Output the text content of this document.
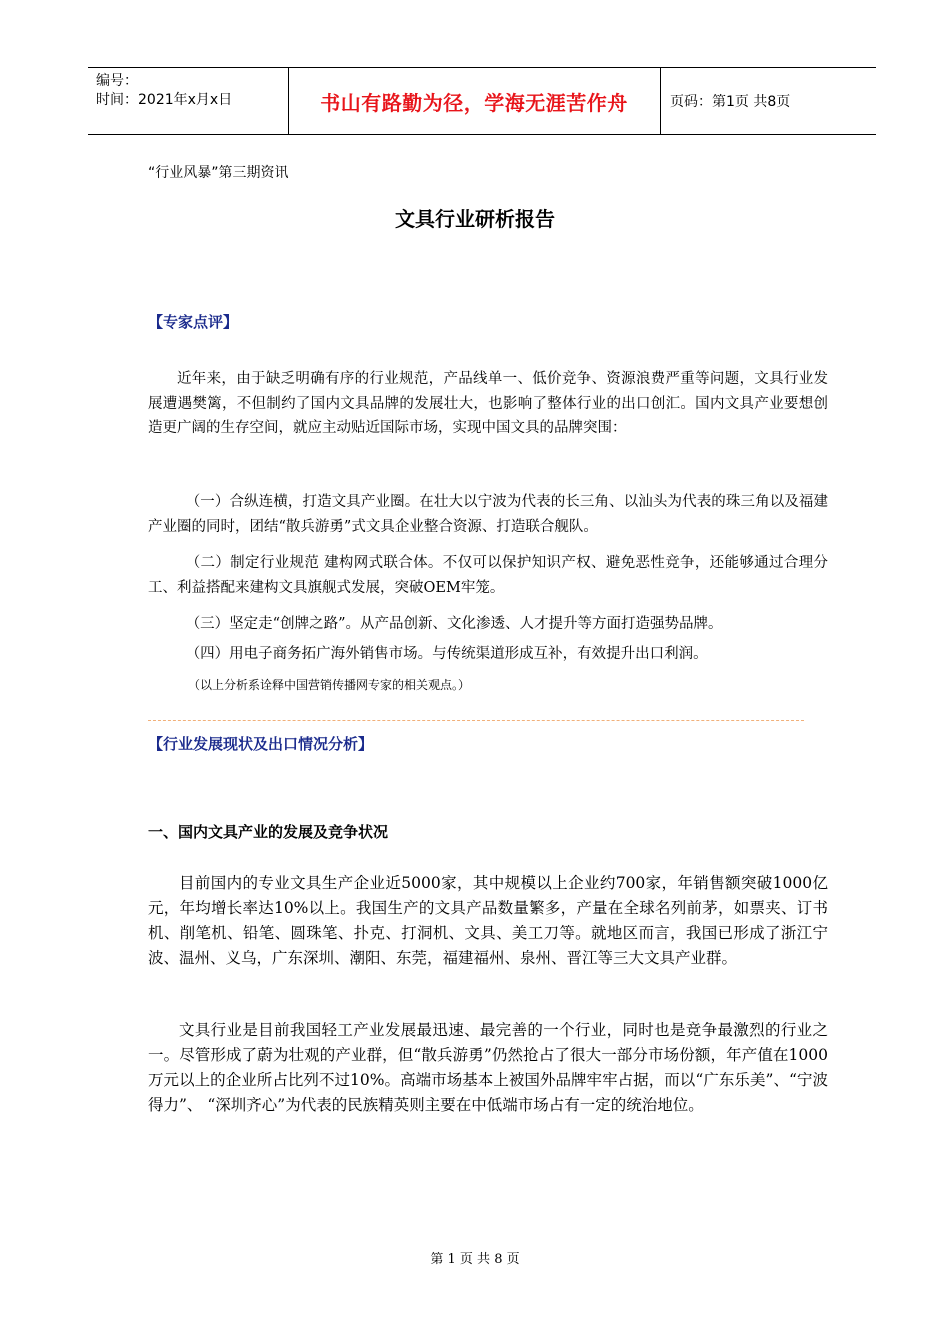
编号：
时间：2021年x月x日	书山有路勤为径，学海无涯苦作舟	页码：第1页 共8页
“行业风暴”第三期资讯
文具行业研析报告
【专家点评】
近年来，由于缺乏明确有序的行业规范，产品线单一、低价竞争、资源浪费严重等问题，文具行业发展遭遇樊篱，不但制约了国内文具品牌的发展壮大，也影响了整体行业的出口创汇。国内文具产业要想创造更广阔的生存空间，就应主动贴近国际市场，实现中国文具的品牌突围：
（一）合纵连横，打造文具产业圈。在壮大以宁波为代表的长三角、以汕头为代表的珠三角以及福建产业圈的同时，团结“散兵游勇”式文具企业整合资源、打造联合舰队。
（二）制定行业规范 建构网式联合体。不仅可以保护知识产权、避免恶性竞争，还能够通过合理分工、利益搭配来建构文具旗舰式发展，突破OEM牢笼。
（三）坚定走“创牌之路”。从产品创新、文化渗透、人才提升等方面打造强势品牌。
（四）用电子商务拓广海外销售市场。与传统渠道形成互补，有效提升出口利润。
（以上分析系诠释中国营销传播网专家的相关观点。）
【行业发展现状及出口情况分析】
一、国内文具产业的发展及竞争状况
目前国内的专业文具生产企业近5000家，其中规模以上企业约700家，年销售额突破1000亿元，年均增长率达10%以上。我国生产的文具产品数量繁多，产量在全球名列前茅，如票夹、订书机、削笔机、铅笔、圆珠笔、扑克、打洞机、文具、美工刀等。就地区而言，我国已形成了浙江宁波、温州、义乌，广东深圳、潮阳、东莞，福建福州、泉州、晋江等三大文具产业群。
文具行业是目前我国轻工产业发展最迅速、最完善的一个行业，同时也是竞争最激烈的行业之一。尽管形成了蔚为壮观的产业群，但“散兵游勇”仍然抢占了很大一部分市场份额，年产值在1000万元以上的企业所占比列不过10%。高端市场基本上被国外品牌牢牢占据，而以“广东乐美”、“宁波得力”、 “深圳齐心”为代表的民族精英则主要在中低端市场占有一定的统治地位。
第 1 页 共 8 页
